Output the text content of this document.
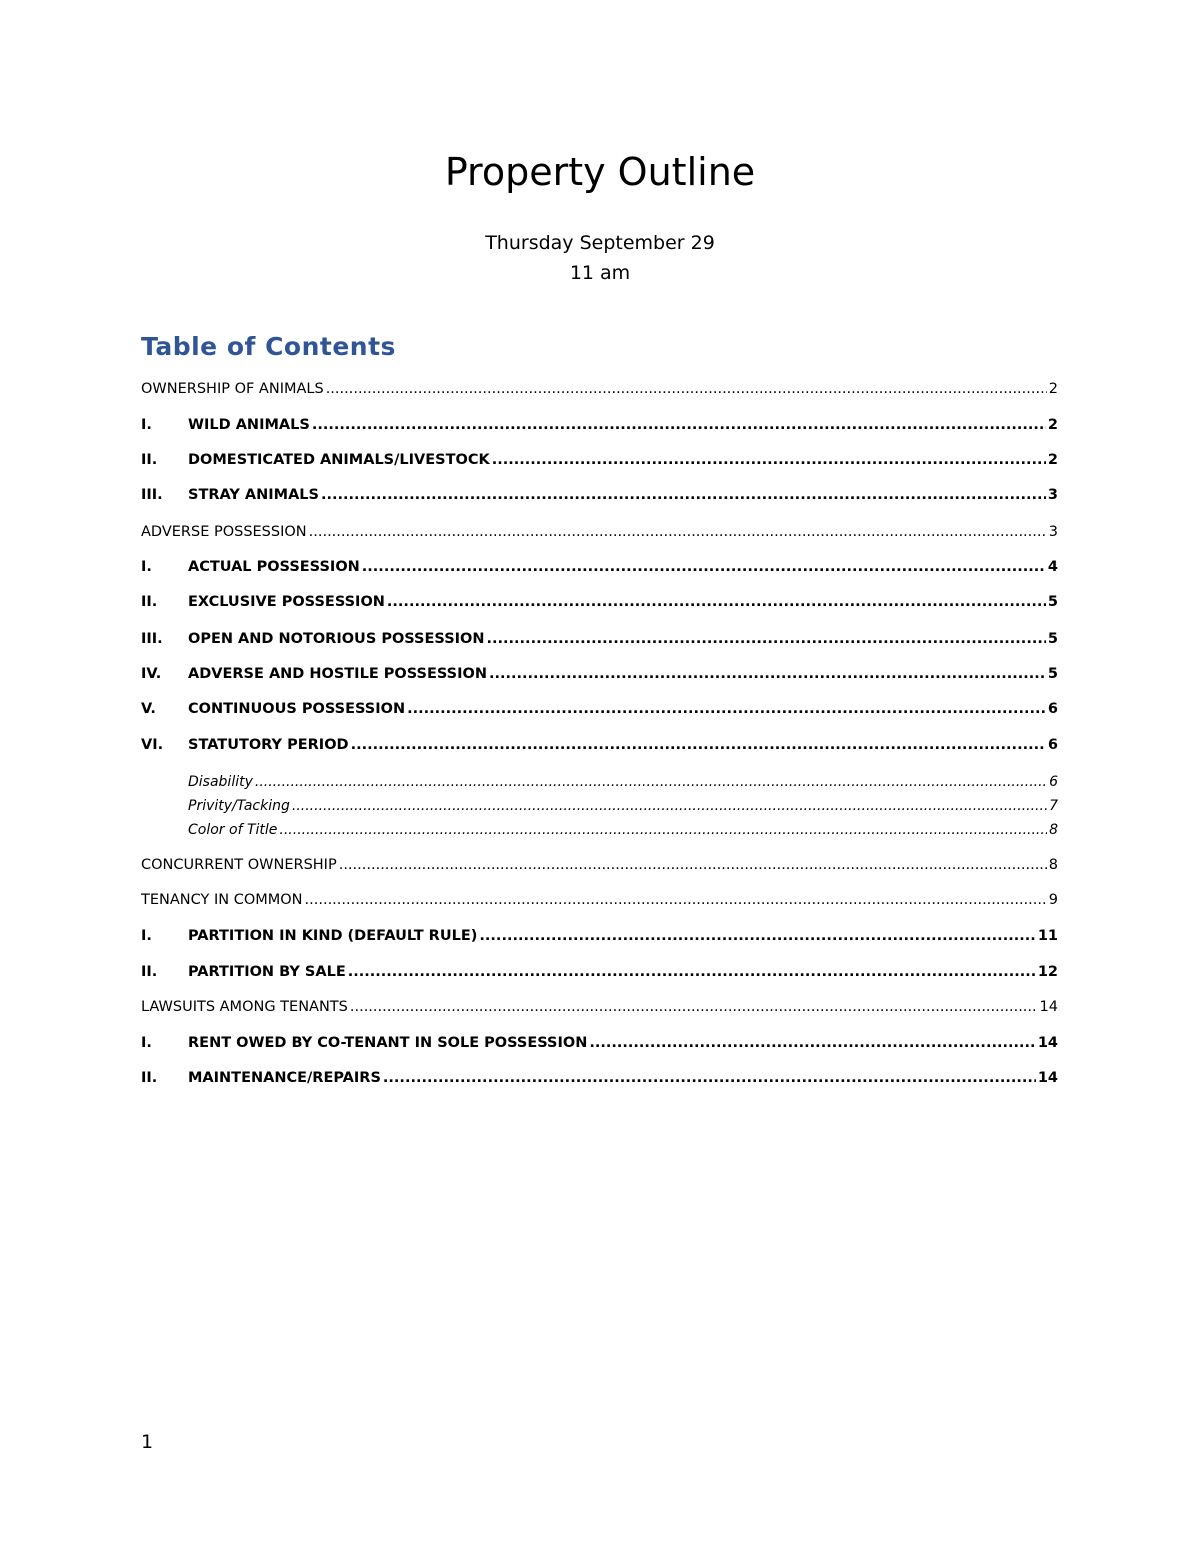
Property Outline
Thursday September 29
11 am
Table of Contents
OWNERSHIP OF ANIMALS .....	2
I.	WILD ANIMALS .....	2
II.	DOMESTICATED ANIMALS/LIVESTOCK .....	2
III.	STRAY ANIMALS .....	3
ADVERSE POSSESSION .....	3
I.	ACTUAL POSSESSION .....	4
II.	EXCLUSIVE POSSESSION .....	5
III.	OPEN AND NOTORIOUS POSSESSION .....	5
IV.	ADVERSE AND HOSTILE POSSESSION .....	5
V.	CONTINUOUS POSSESSION .....	6
VI.	STATUTORY PERIOD .....	6
Disability .....	6
Privity/Tacking .....	7
Color of Title .....	8
CONCURRENT OWNERSHIP .....	8
TENANCY IN COMMON .....	9
I.	PARTITION IN KIND (DEFAULT RULE) .....	11
II.	PARTITION BY SALE .....	12
LAWSUITS AMONG TENANTS .....	14
I.	RENT OWED BY CO-TENANT IN SOLE POSSESSION .....	14
II.	MAINTENANCE/REPAIRS .....	14
1
